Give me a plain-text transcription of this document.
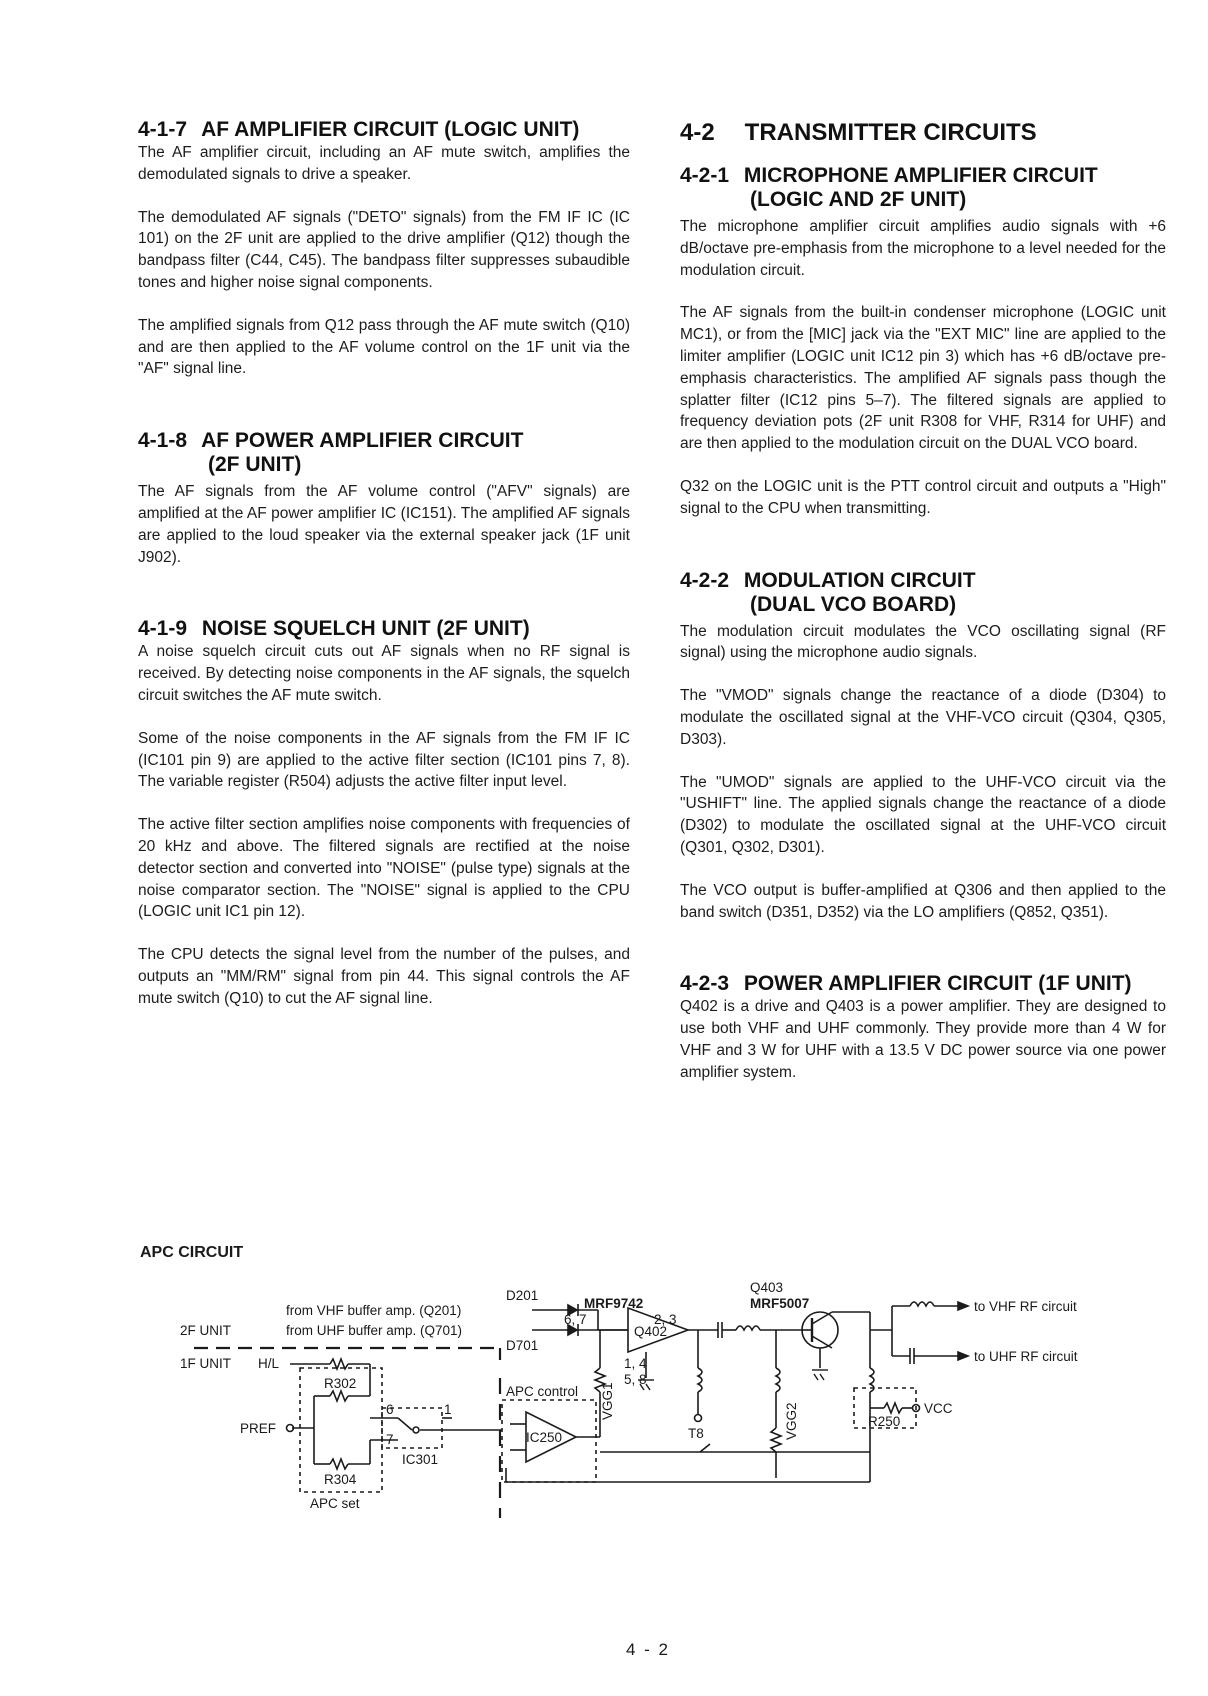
4-1-7 AF AMPLIFIER CIRCUIT (LOGIC UNIT)

The AF amplifier circuit, including an AF mute switch, amplifies the demodulated signals to drive a speaker.

The demodulated AF signals ("DETO" signals) from the FM IF IC (IC 101) on the 2F unit are applied to the drive amplifier (Q12) though the bandpass filter (C44, C45). The bandpass filter suppresses subaudible tones and higher noise signal components.

The amplified signals from Q12 pass through the AF mute switch (Q10) and are then applied to the AF volume control on the 1F unit via the "AF" signal line.

4-1-8 AF POWER AMPLIFIER CIRCUIT
(2F UNIT)

The AF signals from the AF volume control ("AFV" signals) are amplified at the AF power amplifier IC (IC151). The amplified AF signals are applied to the loud speaker via the external speaker jack (1F unit J902).

4-1-9 NOISE SQUELCH UNIT (2F UNIT)

A noise squelch circuit cuts out AF signals when no RF signal is received. By detecting noise components in the AF signals, the squelch circuit switches the AF mute switch.

Some of the noise components in the AF signals from the FM IF IC (IC101 pin 9) are applied to the active filter section (IC101 pins 7, 8). The variable register (R504) adjusts the active filter input level.

The active filter section amplifies noise components with frequencies of 20 kHz and above. The filtered signals are rectified at the noise detector section and converted into "NOISE" (pulse type) signals at the noise comparator section. The "NOISE" signal is applied to the CPU (LOGIC unit IC1 pin 12).

The CPU detects the signal level from the number of the pulses, and outputs an "MM/RM" signal from pin 44. This signal controls the AF mute switch (Q10) to cut the AF signal line.

4-2 TRANSMITTER CIRCUITS
4-2-1 MICROPHONE AMPLIFIER CIRCUIT
(LOGIC AND 2F UNIT)

The microphone amplifier circuit amplifies audio signals with +6 dB/octave pre-emphasis from the microphone to a level needed for the modulation circuit.

The AF signals from the built-in condenser microphone (LOGIC unit MC1), or from the [MIC] jack via the "EXT MIC" line are applied to the limiter amplifier (LOGIC unit IC12 pin 3) which has +6 dB/octave pre-emphasis characteristics. The amplified AF signals pass though the splatter filter (IC12 pins 5–7). The filtered signals are applied to frequency deviation pots (2F unit R308 for VHF, R314 for UHF) and are then applied to the modulation circuit on the DUAL VCO board.

Q32 on the LOGIC unit is the PTT control circuit and outputs a "High" signal to the CPU when transmitting.

4-2-2 MODULATION CIRCUIT
(DUAL VCO BOARD)

The modulation circuit modulates the VCO oscillating signal (RF signal) using the microphone audio signals.

The "VMOD" signals change the reactance of a diode (D304) to modulate the oscillated signal at the VHF-VCO circuit (Q304, Q305, D303).

The "UMOD" signals are applied to the UHF-VCO circuit via the "USHIFT" line. The applied signals change the reactance of a diode (D302) to modulate the oscillated signal at the UHF-VCO circuit (Q301, Q302, D301).

The VCO output is buffer-amplified at Q306 and then applied to the band switch (D351, D352) via the LO amplifiers (Q852, Q351).

4-2-3 POWER AMPLIFIER CIRCUIT (1F UNIT)

Q402 is a drive and Q403 is a power amplifier. They are designed to use both VHF and UHF commonly. They provide more than 4 W for VHF and 3 W for UHF with a 13.5 V DC power source via one power amplifier system.

APC CIRCUIT
from VHF buffer amp. (Q201)
from UHF buffer amp. (Q701)
2F UNIT
1F UNIT H/L
PREF
D201
D701
MRF9742
Q402
6, 7	2, 3
1, 4
5, 8
Q403
MRF5007	to VHF RF circuit
to UHF RF circuit
R302
R304
APC set
IC301
6
7
1
APC control
IC250
VGG1
VGG2
T8
VCC
R250
4 - 2
